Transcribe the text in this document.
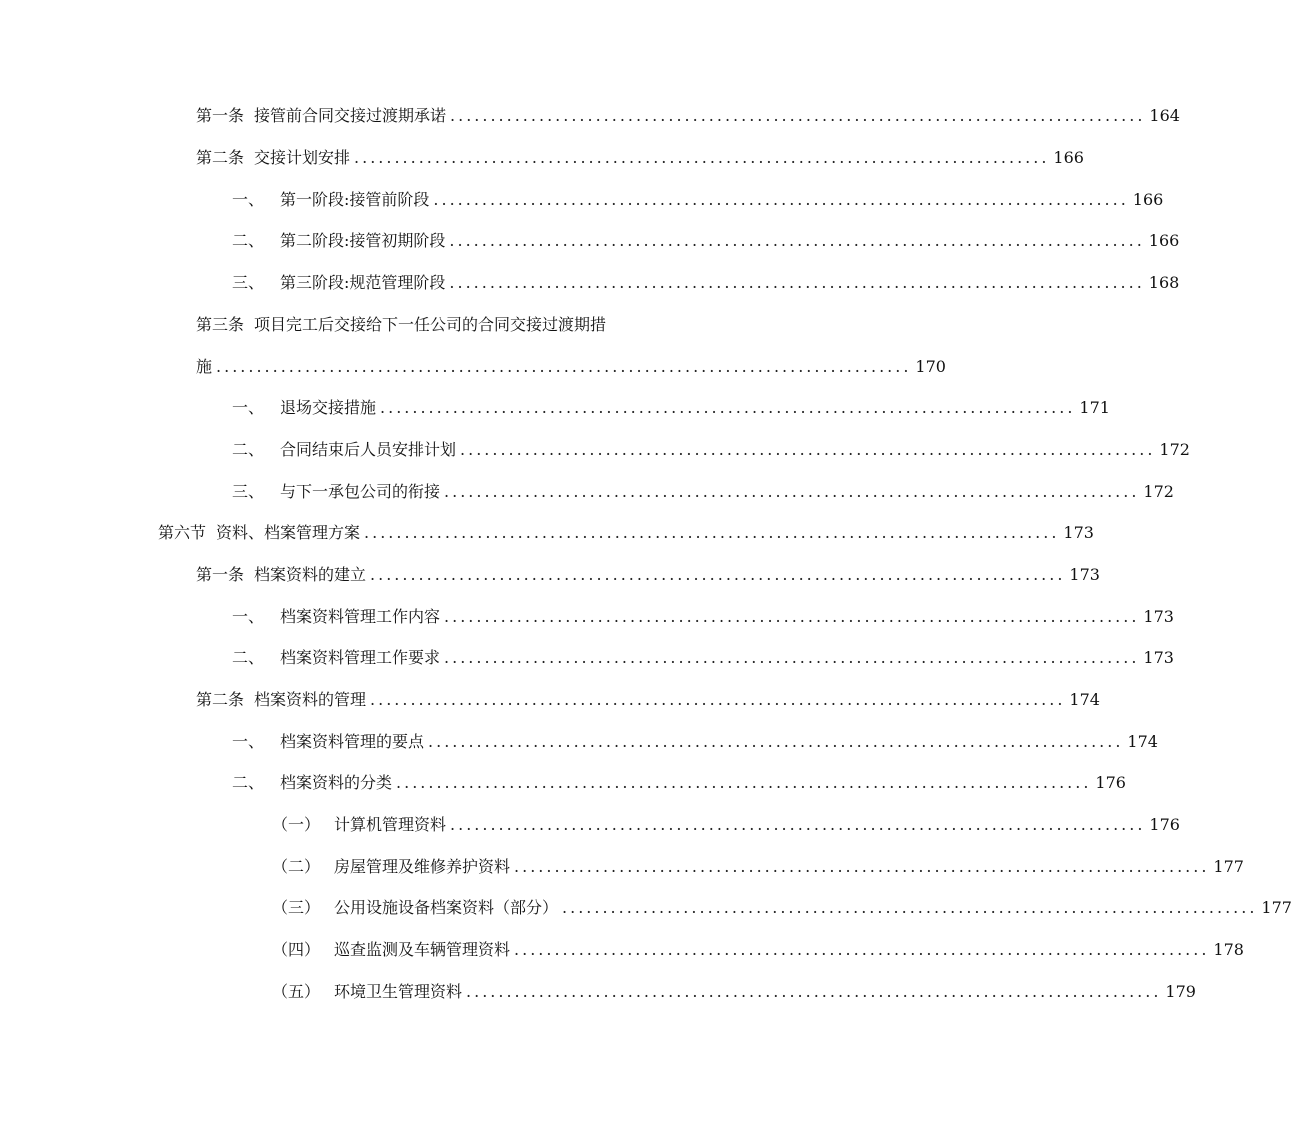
第一条 接管前合同交接过渡期承诺 ...................................................................................... 164
第二条 交接计划安排 ...................................................................................... 166
一、 第一阶段:接管前阶段 ...................................................................................... 166
二、 第二阶段:接管初期阶段 ...................................................................................... 166
三、 第三阶段:规范管理阶段 ...................................................................................... 168
第三条 项目完工后交接给下一任公司的合同交接过渡期措
施 ...................................................................................... 170
一、 退场交接措施 ...................................................................................... 171
二、 合同结束后人员安排计划 ...................................................................................... 172
三、 与下一承包公司的衔接 ...................................................................................... 172
第六节 资料、档案管理方案 ...................................................................................... 173
第一条 档案资料的建立 ...................................................................................... 173
一、 档案资料管理工作内容 ...................................................................................... 173
二、 档案资料管理工作要求 ...................................................................................... 173
第二条 档案资料的管理 ...................................................................................... 174
一、 档案资料管理的要点 ...................................................................................... 174
二、 档案资料的分类 ...................................................................................... 176
（一） 计算机管理资料 ...................................................................................... 176
（二） 房屋管理及维修养护资料 ...................................................................................... 177
（三） 公用设施设备档案资料（部分） ...................................................................................... 177
（四） 巡查监测及车辆管理资料 ...................................................................................... 178
（五） 环境卫生管理资料 ...................................................................................... 179
